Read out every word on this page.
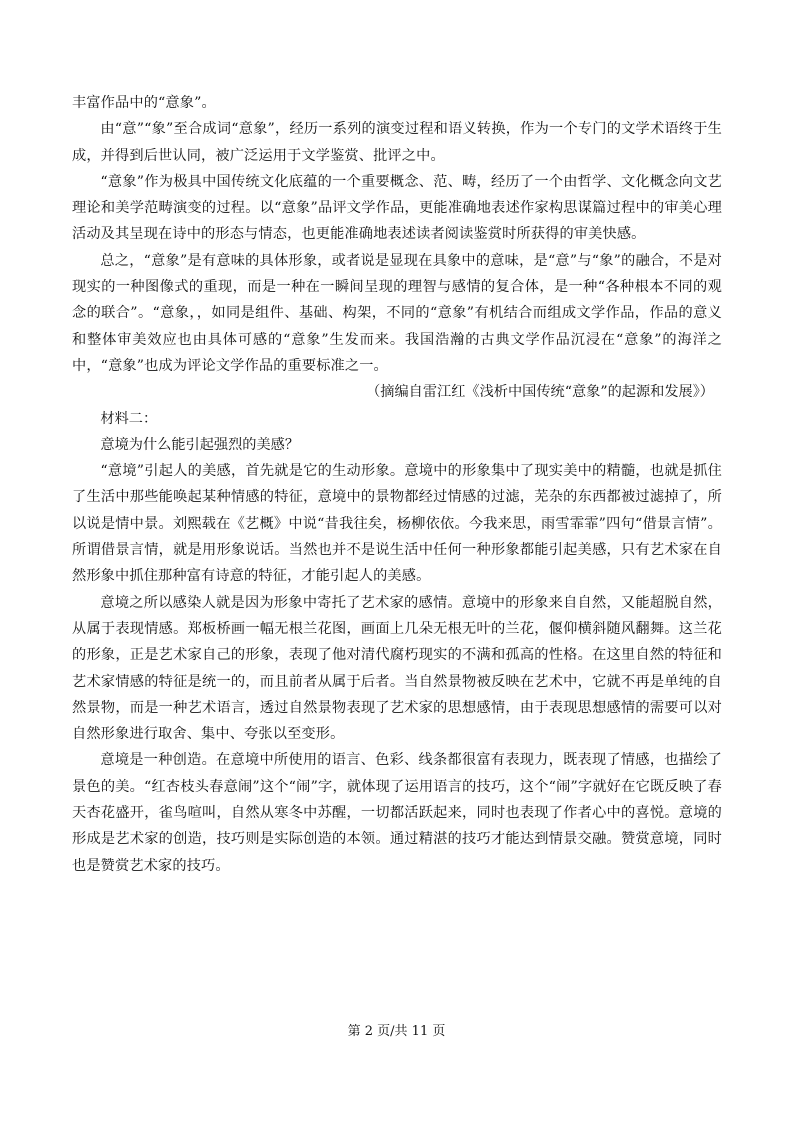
丰富作品中的“意象”。

由“意”“象”至合成词“意象”，经历一系列的演变过程和语义转换，作为一个专门的文学术语终于生成，并得到后世认同，被广泛运用于文学鉴赏、批评之中。

“意象”作为极具中国传统文化底蕴的一个重要概念、范、畴，经历了一个由哲学、文化概念向文艺理论和美学范畴演变的过程。以“意象”品评文学作品，更能准确地表述作家构思谋篇过程中的审美心理活动及其呈现在诗中的形态与情态，也更能准确地表述读者阅读鉴赏时所获得的审美快感。

总之，“意象”是有意味的具体形象，或者说是显现在具象中的意味，是“意”与“象”的融合，不是对现实的一种图像式的重现，而是一种在一瞬间呈现的理智与感情的复合体，是一种“各种根本不同的观念的联合”。“意象，，如同是组件、基础、构架，不同的“意象”有机结合而组成文学作品，作品的意义和整体审美效应也由具体可感的“意象”生发而来。我国浩瀚的古典文学作品沉浸在“意象”的海洋之中，“意象”也成为评论文学作品的重要标准之一。

（摘编自雷江红《浅析中国传统“意象”的起源和发展》）

材料二：

意境为什么能引起强烈的美感？

“意境”引起人的美感，首先就是它的生动形象。意境中的形象集中了现实美中的精髓，也就是抓住了生活中那些能唤起某种情感的特征，意境中的景物都经过情感的过滤，芜杂的东西都被过滤掉了，所以说是情中景。刘熙载在《艺概》中说“昔我往矣，杨柳依依。今我来思，雨雪霏霏”四句“借景言情”。所谓借景言情，就是用形象说话。当然也并不是说生活中任何一种形象都能引起美感，只有艺术家在自然形象中抓住那种富有诗意的特征，才能引起人的美感。

意境之所以感染人就是因为形象中寄托了艺术家的感情。意境中的形象来自自然，又能超脱自然，从属于表现情感。郑板桥画一幅无根兰花图，画面上几朵无根无叶的兰花，偃仰横斜随风翻舞。这兰花的形象，正是艺术家自己的形象，表现了他对清代腐朽现实的不满和孤高的性格。在这里自然的特征和艺术家情感的特征是统一的，而且前者从属于后者。当自然景物被反映在艺术中，它就不再是单纯的自然景物，而是一种艺术语言，透过自然景物表现了艺术家的思想感情，由于表现思想感情的需要可以对自然形象进行取舍、集中、夸张以至变形。

意境是一种创造。在意境中所使用的语言、色彩、线条都很富有表现力，既表现了情感，也描绘了景色的美。“红杏枝头春意闹”这个“闹”字，就体现了运用语言的技巧，这个“闹”字就好在它既反映了春天杏花盛开，雀鸟喧叫，自然从寒冬中苏醒，一切都活跃起来，同时也表现了作者心中的喜悦。意境的形成是艺术家的创造，技巧则是实际创造的本领。通过精湛的技巧才能达到情景交融。赞赏意境，同时也是赞赏艺术家的技巧。

第 2 页/共 11 页
